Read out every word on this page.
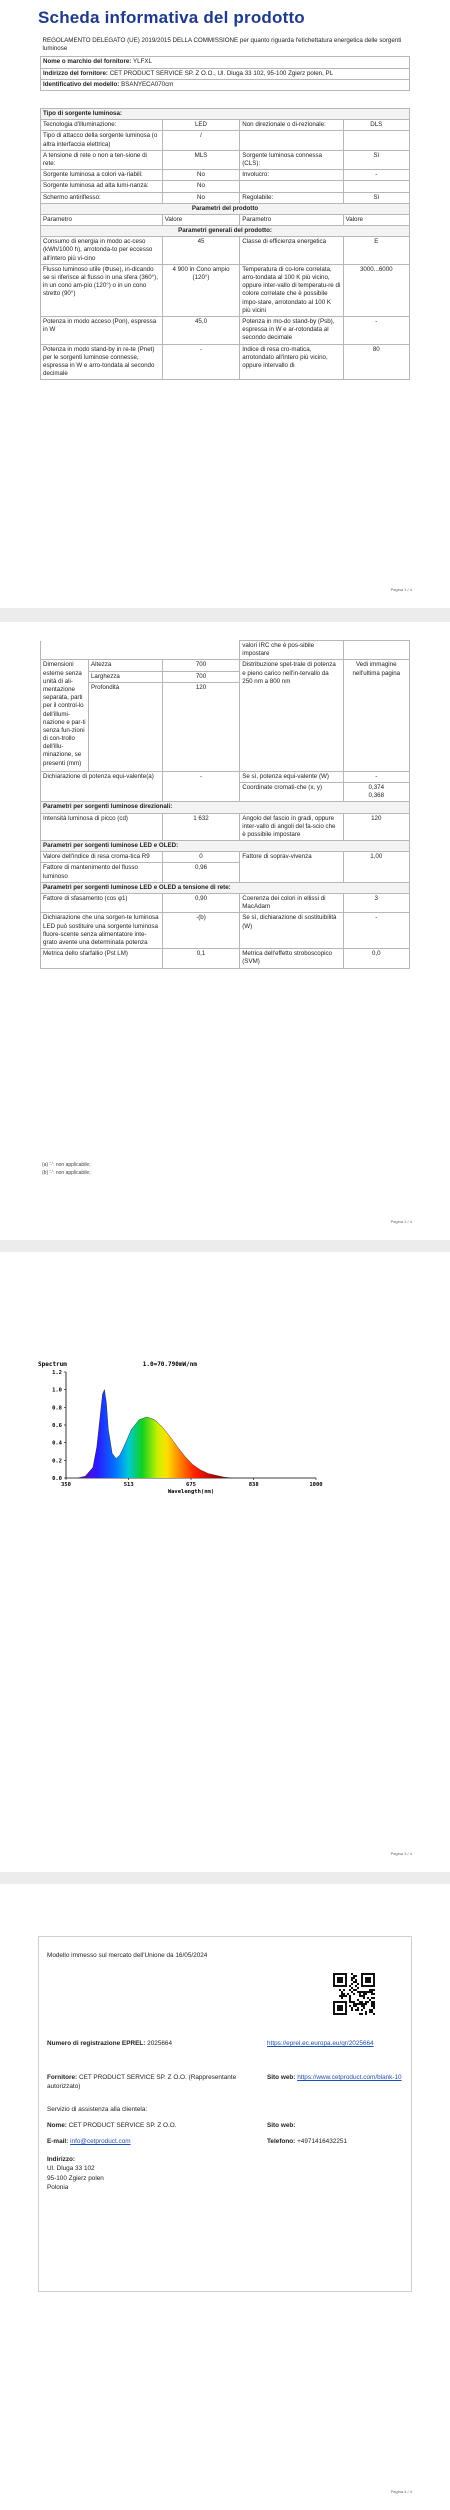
Scheda informativa del prodotto
REGOLAMENTO DELEGATO (UE) 2019/2015 DELLA COMMISSIONE per quanto riguarda l'etichettatura energetica delle sorgenti luminose
Nome o marchio del fornitore: YLFXL
Indirizzo del fornitore: CET PRODUCT SERVICE SP. Z O.O., Ul. Dluga 33 102, 95-100 Zgierz polen, PL
Identificativo del modello: BSANYECA070cm
Tipo di sorgente luminosa:			
Tecnologia d'illuminazione:	LED	Non direzionale o di-rezionale:	DLS
Tipo di attacco della sorgente luminosa (o altra interfaccia elettrica)	/		
A tensione di rete o non a ten-sione di rete:	MLS	Sorgente luminosa connessa (CLS):	Sì
Sorgente luminosa a colori va-riabili:	No	Involucro:	-
Sorgente luminosa ad alta lumi-nanza:	No		
Schermo antiriflesso:	No	Regolabile:	Sì
Parametri del prodotto			
Parametro	Valore	Parametro	Valore
Parametri generali del prodotto:			
Consumo di energia in modo ac-ceso (kWh/1000 h), arrotonda-to per eccesso all'intero più vi-cino	45	Classe di efficienza energetica	E
Flusso luminoso utile (Φuse), in-dicando se si riferisce al flusso in una sfera (360°), in un cono am-pio (120°) o in un cono stretto (90°)	4 900 in Cono ampio (120°)	Temperatura di co-lore correlata, arro-tondata al 100 K più vicino, oppure inter-vallo di temperatu-re di colore correlate che è possibile impo-stare, arrotondato al 100 K più vicini	3000...6000
Potenza in modo acceso (Pon), espressa in W	45,0	Potenza in mo-do stand-by (Psb), espressa in W e ar-rotondata al secondo decimale	-
Potenza in modo stand-by in re-te (Pnet) per le sorgenti luminose connesse, espressa in W e arro-tondata al secondo decimale	-	Indice di resa cro-matica, arrotondato all'intero più vicino, oppure intervallo di	80
Pagina 1 / 4
			valori IRC che è pos-sibile impostare	
Dimensioni esterne senza unità di ali-mentazione separata, parti per il control-lo dell'illumi-nazione e par-ti senza fun-zioni di con-trollo dell'illu-minazione, se presenti (mm)	Altezza	700	Distribuzione spet-trale di potenza e pieno carico nell'in-tervallo da 250 nm a 800 nm	Vedi immagine nell'ultima pagina
	Larghezza	700		
	Profondità	120		
Dichiarazione di potenza equi-valente(a)		-	Se sì, potenza equi-valente (W)	-
			Coordinate cromati-che (x, y)	0,374
0,368
Parametri per sorgenti luminose direzionali:				
Intensità luminosa di picco (cd)		1 632	Angolo del fascio in gradi, oppure inter-vallo di angoli del fa-scio che è possibile impostare	120
Parametri per sorgenti luminose LED e OLED:				
Valore dell'indice di resa croma-tica R9		0	Fattore di soprav-vivenza	1,00
Fattore di mantenimento del flusso luminoso		0,96		
Parametri per sorgenti luminose LED e OLED a tensione di rete:				
Fattore di sfasamento (cos φ1)		0,90	Coerenza dei colori in ellissi di MacAdam	3
Dichiarazione che una sorgen-te luminosa LED può sostituire una sorgente luminosa fluore-scente senza alimentatore inte-grato avente una determinata potenza		-(b)	Se sì, dichiarazione di sostituibilità (W)	-
Metrica dello sfarfallio (Pst LM)		0,1	Metrica dell'effetto stroboscopico (SVM)	0,0
(a) '-': non applicabile;
(b) '-': non applicabile;
Pagina 2 / 4
Spectrum	1.0=70.790mW/nm
0.0
0.2
0.4
0.6
0.8
1.0
1.2
350	513	675	838	1000
Wavelength(nm)
Pagina 3 / 4
Modello immesso sul mercato dell'Unione da 16/05/2024
Numero di registrazione EPREL: 2025664	https://eprel.ec.europa.eu/qr/2025664
Fornitore: CET PRODUCT SERVICE SP. Z O.O. (Rappresentante autorizzato)
Sito web: https://www.cetproduct.com/blank-10
Servizio di assistenza alla clientela:
Nome: CET PRODUCT SERVICE SP. Z O.O.	Sito web:
E-mail: info@cetproduct.com	Telefono: +4971416432251
Indirizzo:
Ul. Dluga 33 102
95-100 Zgierz polen
Polonia
Pagina 4 / 4
